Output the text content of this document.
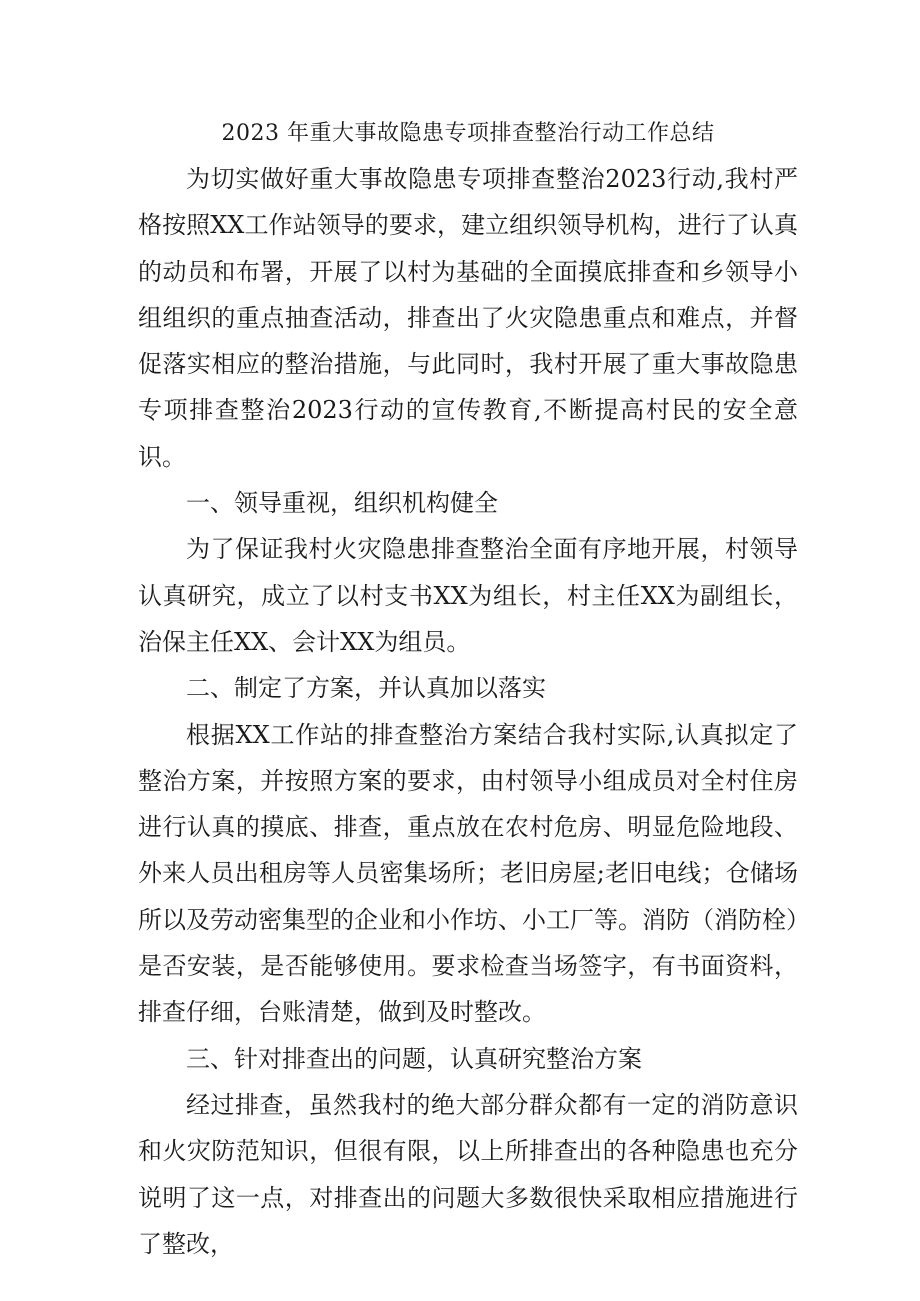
2023 年重大事故隐患专项排查整治行动工作总结

为切实做好重大事故隐患专项排查整治2023行动,我村严格按照XX工作站领导的要求，建立组织领导机构，进行了认真的动员和布署，开展了以村为基础的全面摸底排查和乡领导小组组织的重点抽查活动，排查出了火灾隐患重点和难点，并督促落实相应的整治措施，与此同时，我村开展了重大事故隐患专项排查整治2023行动的宣传教育,不断提高村民的安全意识。

一、领导重视，组织机构健全

为了保证我村火灾隐患排查整治全面有序地开展，村领导认真研究，成立了以村支书XX为组长，村主任XX为副组长，治保主任XX、会计XX为组员。

二、制定了方案，并认真加以落实

根据XX工作站的排查整治方案结合我村实际,认真拟定了整治方案，并按照方案的要求，由村领导小组成员对全村住房进行认真的摸底、排查，重点放在农村危房、明显危险地段、外来人员出租房等人员密集场所；老旧房屋;老旧电线；仓储场所以及劳动密集型的企业和小作坊、小工厂等。消防（消防栓）是否安装，是否能够使用。要求检查当场签字，有书面资料，排查仔细，台账清楚，做到及时整改。

三、针对排查出的问题，认真研究整治方案

经过排查，虽然我村的绝大部分群众都有一定的消防意识和火灾防范知识，但很有限，以上所排查出的各种隐患也充分说明了这一点，对排查出的问题大多数很快采取相应措施进行了整改，
